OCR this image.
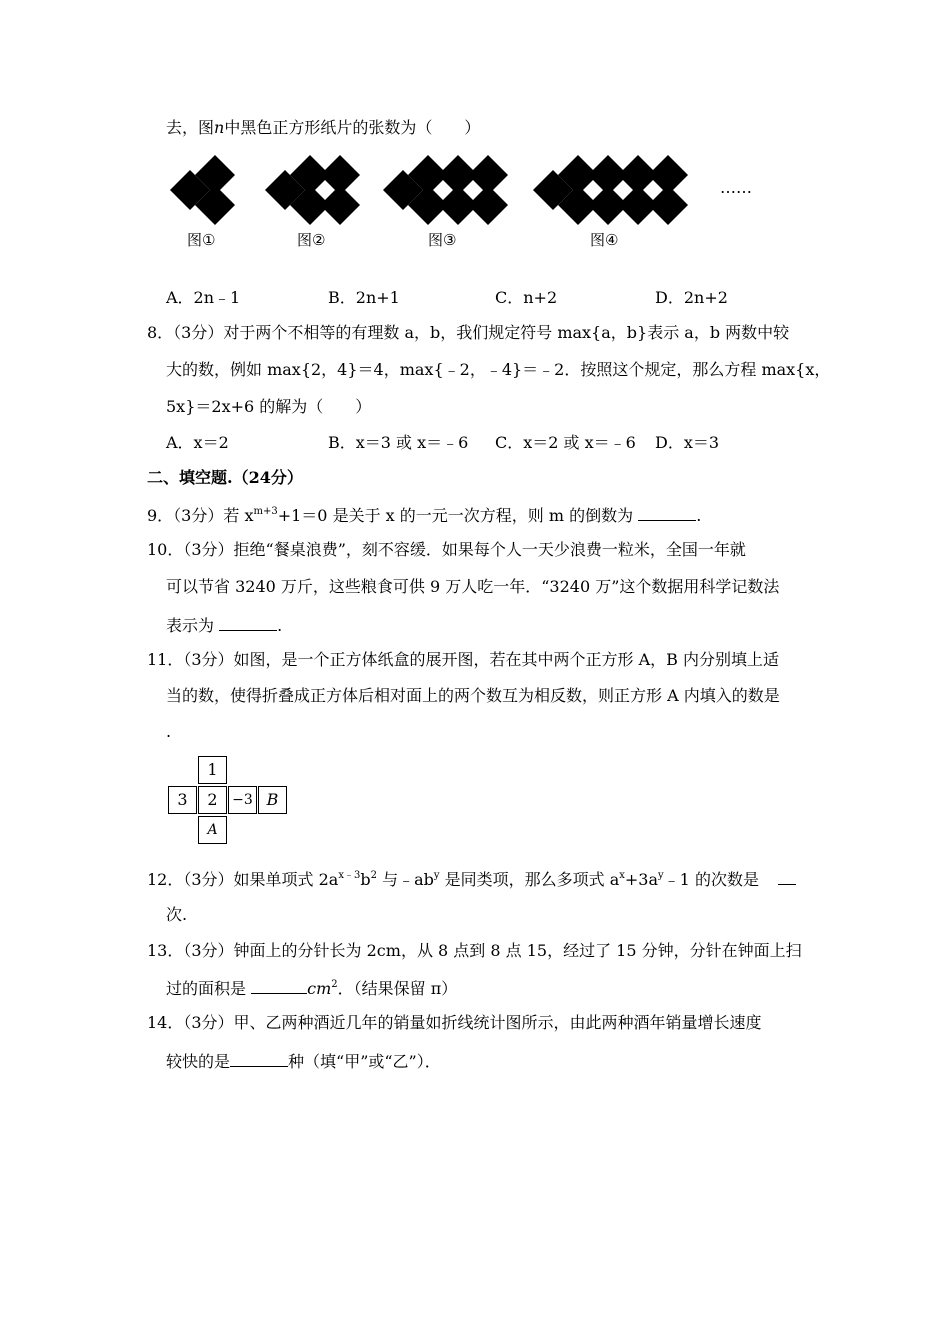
去，图n中黑色正方形纸片的张数为（　　）
……
图①	图②	图③	图④
A．2n﹣1	B．2n+1	C．n+2	D．2n+2
8．（3分）对于两个不相等的有理数 a，b，我们规定符号 max{a，b}表示 a，b 两数中较
大的数，例如 max{2，4}＝4，max{﹣2，﹣4}＝﹣2．按照这个规定，那么方程 max{x，
5x}＝2x+6 的解为（　　）
A．x＝2	B．x＝3 或 x＝﹣6 C．x＝2 或 x＝﹣6 D．x＝3
二、填空题.（24分）
9．（3分）若 $x^{m+3}+1=0$ 是关于 x 的一元一次方程，则 m 的倒数为	.
10．（3分）拒绝“餐桌浪费”，刻不容缓．如果每个人一天少浪费一粒米，全国一年就
可以节省 3240 万斤，这些粮食可供 9 万人吃一年．“3240 万”这个数据用科学记数法
表示为	.
11．（3分）如图，是一个正方体纸盒的展开图，若在其中两个正方形 A，B 内分别填上适
当的数，使得折叠成正方体后相对面上的两个数互为相反数，则正方形 A 内填入的数是
.
1
3	2	−3 B
A
12．（3分）如果单项式 $2a^{x﹣3}b^2$ 与$﹣ab^y$ 是同类项，那么多项式 $a^x+3a^y﹣1$ 的次数是
次.
13．（3分）钟面上的分针长为 2cm，从 8 点到 8 点 15，经过了 15 分钟，分针在钟面上扫
过的面积是	$cm^2$．（结果保留 π）
14．（3分）甲、乙两种酒近几年的销量如折线统计图所示，由此两种酒年销量增长速度
较快的是	种（填“甲”或“乙”）．
